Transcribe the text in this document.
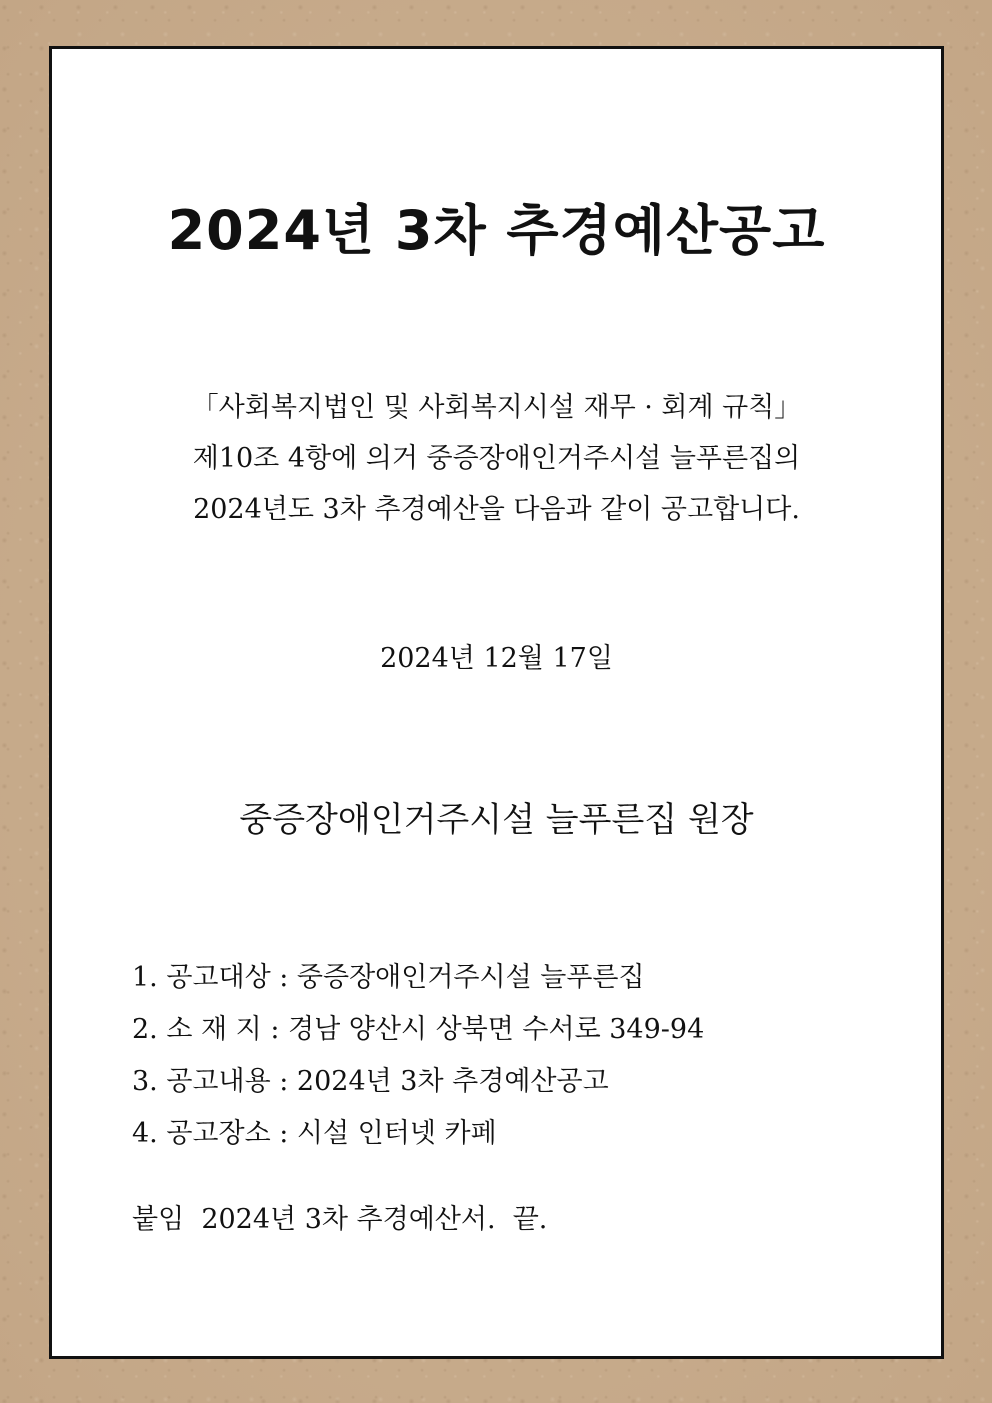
2024년 3차 추경예산공고
「사회복지법인 및 사회복지시설 재무 · 회계 규칙」
제10조 4항에 의거 중증장애인거주시설 늘푸른집의
2024년도 3차 추경예산을 다음과 같이 공고합니다.
2024년 12월 17일
중증장애인거주시설 늘푸른집 원장
1. 공고대상 : 중증장애인거주시설 늘푸른집
2. 소 재 지 : 경남 양산시 상북면 수서로 349-94
3. 공고내용 : 2024년 3차 추경예산공고
4. 공고장소 : 시설 인터넷 카페
붙임  2024년 3차 추경예산서.  끝.
